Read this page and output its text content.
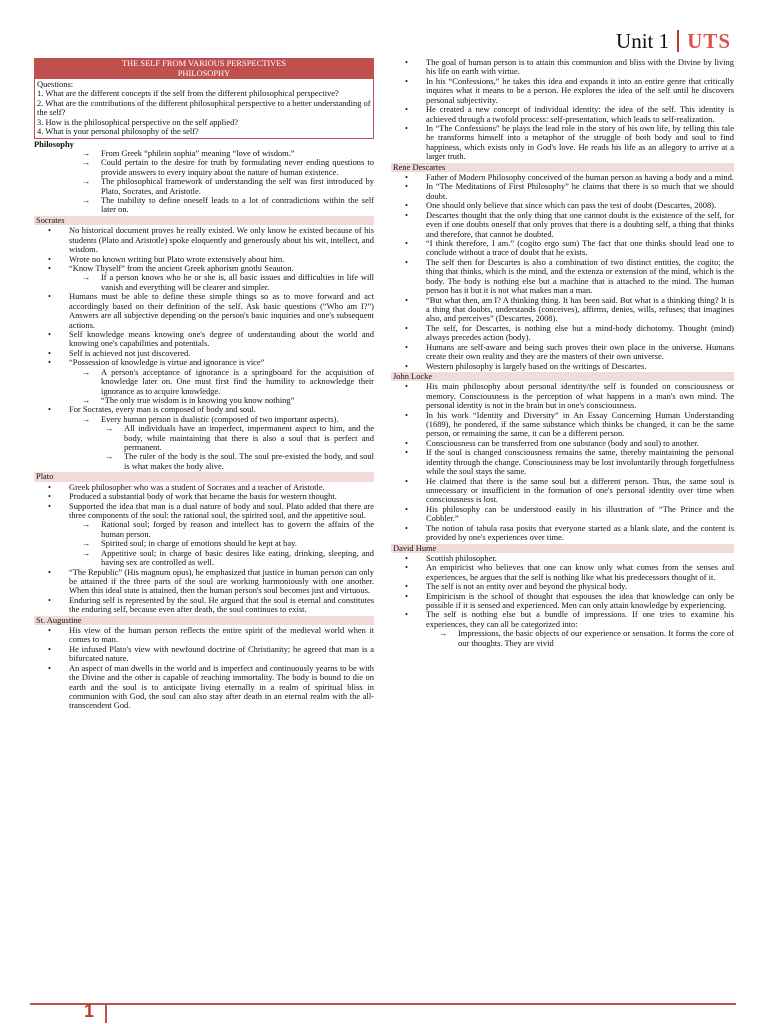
Unit 1 UTS
THE SELF FROM VARIOUS PERSPECTIVES
PHILOSOPHY
Questions:
1. What are the different concepts if the self from the different philosophical perspective?
2. What are the contributions of the different philosophical perspective to a better understanding of the self?
3. How is the philosophical perspective on the self applied?
4. What is your personal philosophy of the self?
Philosophy
→ From Greek “philein sophia” meaning “love of wisdom.”
→ Could pertain to the desire for truth by formulating never ending questions to provide answers to every inquiry about the nature of human existence.
→ The philosophical framework of understanding the self was first introduced by Plato, Socrates, and Aristotle.
→ The inability to define oneself leads to a lot of contradictions within the self later on.
Socrates
• No historical document proves he really existed. We only know he existed because of his students (Plato and Aristotle) spoke eloquently and generously about his wit, intellect, and wisdom.
• Wrote no known writing but Plato wrote extensively about him.
• “Know Thyself” from the ancient Greek aphorism gnothi Seauton.
→ If a person knows who he or she is, all basic issues and difficulties in life will vanish and everything will be clearer and simpler.
• Humans must be able to define these simple things so as to move forward and act accordingly based on their definition of the self. Ask basic questions (“Who am I?”) Answers are all subjective depending on the person's basic inquiries and one's subsequent actions.
• Self knowledge means knowing one's degree of understanding about the world and knowing one's capabilities and potentials.
• Self is achieved not just discovered.
• “Possession of knowledge is virtue and ignorance is vice”
→ A person's acceptance of ignorance is a springboard for the acquisition of knowledge later on. One must first find the humility to acknowledge their ignorance as to acquire knowledge.
→ “The only true wisdom is in knowing you know nothing”
• For Socrates, every man is composed of body and soul.
→ Every human person is dualistic (composed of two important aspects).
→ All individuals have an imperfect, impermanent aspect to him, and the body, while maintaining that there is also a soul that is perfect and permanent.
→ The ruler of the body is the soul. The soul pre-existed the body, and soul is what makes the body alive.
Plato
• Greek philosopher who was a student of Socrates and a teacher of Aristotle.
• Produced a substantial body of work that became the basis for western thought.
• Supported the idea that man is a dual nature of body and soul. Plato added that there are three components of the soul: the rational soul, the spirited soul, and the appetitive soul.
→ Rational soul; forged by reason and intellect has to govern the affairs of the human person.
→ Spirited soul; in charge of emotions should be kept at bay.
→ Appetitive soul; in charge of basic desires like eating, drinking, sleeping, and having sex are controlled as well.
• “The Republic” (His magnum opus), he emphasized that justice in human person can only be attained if the three parts of the soul are working harmoniously with one another. When this ideal state is attained, then the human person's soul becomes just and virtuous.
• Enduring self is represented by the soul. He argued that the soul is eternal and constitutes the enduring self, because even after death, the soul continues to exist.
St. Augustine
• His view of the human person reflects the entire spirit of the medieval world when it comes to man.
• He infused Plato's view with newfound doctrine of Christianity; he agreed that man is a bifurcated nature.
• An aspect of man dwells in the world and is imperfect and continuously yearns to be with the Divine and the other is capable of reaching immortality. The body is bound to die on earth and the soul is to anticipate living eternally in a realm of spiritual bliss in communion with God, the soul can also stay after death in an eternal realm with the all-transcendent God.
• The goal of human person is to attain this communion and bliss with the Divine by living his life on earth with virtue.
• In his “Confessions,” he takes this idea and expands it into an entire genre that critically inquires what it means to be a person. He explores the idea of the self until he discovers personal subjectivity.
• He created a new concept of individual identity: the idea of the self. This identity is achieved through a twofold process: self-presentation, which leads to self-realization.
• In “The Confessions” he plays the lead role in the story of his own life, by telling this tale he transforms himself into a metaphor of the struggle of both body and soul to find happiness, which exists only in God's love. He reads his life as an allegory to arrive at a larger truth.
Rene Descartes
• Father of Modern Philosophy conceived of the human person as having a body and a mind.
• In “The Meditations of First Philosophy” he claims that there is so much that we should doubt.
• One should only believe that since which can pass the test of doubt (Descartes, 2008).
• Descartes thought that the only thing that one cannot doubt is the existence of the self, for even if one doubts oneself that only proves that there is a doubting self, a thing that thinks and therefore, that cannot be doubted.
• “I think therefore, I am.” (cogito ergo sum) The fact that one thinks should lead one to conclude without a trace of doubt that he exists.
• The self then for Descartes is also a combination of two distinct entities, the cogito; the thing that thinks, which is the mind, and the extenza or extension of the mind, which is the body. The body is nothing else but a machine that is attached to the mind. The human person has it but it is not what makes man a man.
• “But what then, am I? A thinking thing. It has been said. But what is a thinking thing? It is a thing that doubts, understands (conceives), affirms, denies, wills, refuses; that imagines also, and perceives” (Descartes, 2008).
• The self, for Descartes, is nothing else but a mind-body dichotomy. Thought (mind) always precedes action (body).
• Humans are self-aware and being such proves their own place in the universe. Humans create their own reality and they are the masters of their own universe.
• Western philosophy is largely based on the writings of Descartes.
John Locke
• His main philosophy about personal identity/the self is founded on consciousness or memory. Consciousness is the perception of what happens in a man's own mind. The personal identity is not in the brain but in one's consciousness.
• In his work “Identity and Diversity” in An Essay Concerning Human Understanding (1689), he pondered, if the same substance which thinks be changed, it can be the same person, or remaining the same, it can be a different person.
• Consciousness can be transferred from one substance (body and soul) to another.
• If the soul is changed consciousness remains the same, thereby maintaining the personal identity through the change. Consciousness may be lost involuntarily through forgetfulness while the soul stays the same.
• He claimed that there is the same soul but a different person. Thus, the same soul is unnecessary or insufficient in the formation of one's personal identity over time when consciousness is lost.
• His philosophy can be understood easily in his illustration of “The Prince and the Cobbler.”
• The notion of tabula rasa posits that everyone started as a blank slate, and the content is provided by one's experiences over time.
David Hume
• Scottish philosopher.
• An empiricist who believes that one can know only what comes from the senses and experiences, he argues that the self is nothing like what his predecessors thought of it.
• The self is not an entity over and beyond the physical body.
• Empiricism is the school of thought that espouses the idea that knowledge can only be possible if it is sensed and experienced. Men can only attain knowledge by experiencing.
• The self is nothing else but a bundle of impressions. If one tries to examine his experiences, they can all be categorized into:
→ Impressions, the basic objects of our experience or sensation. It forms the core of our thoughts. They are vivid
1
